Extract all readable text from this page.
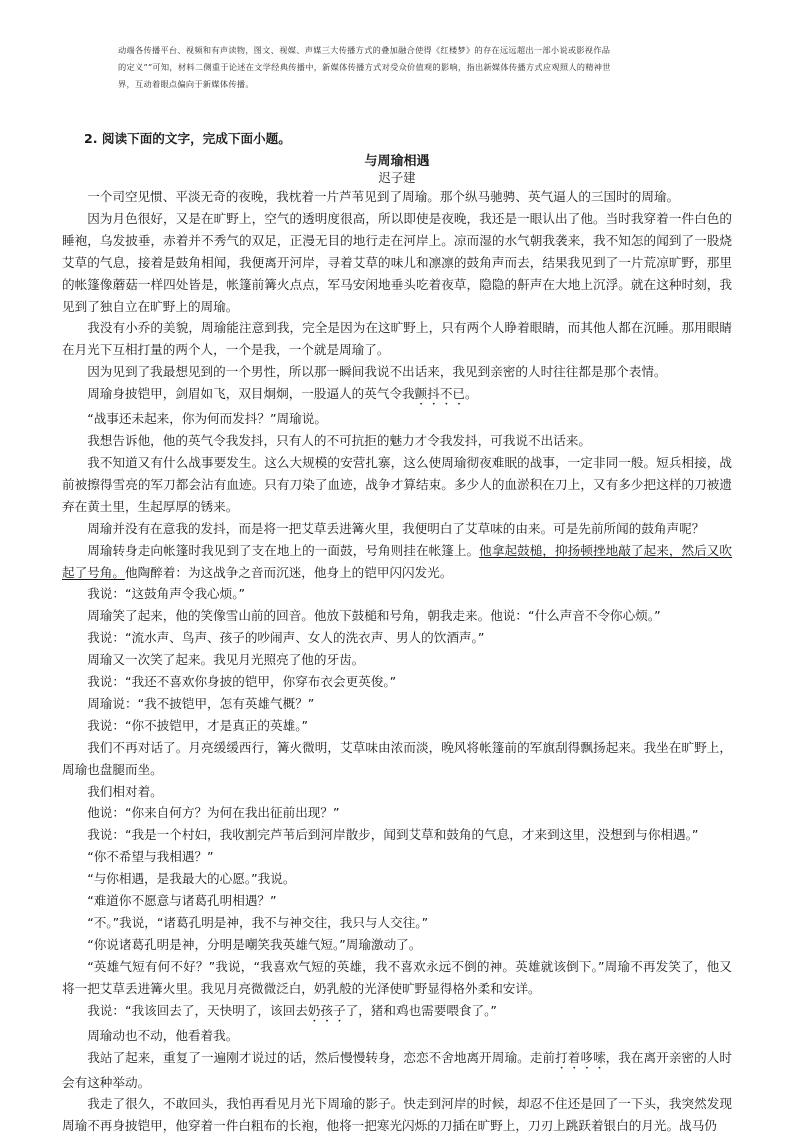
动端各传播平台、视频和有声读物，图文、视媒、声媒三大传播方式的叠加融合使得《红楼梦》的存在远远超出一部小说或影视作品

的定义””可知，材料二侧重于论述在文学经典传播中，新媒体传播方式对受众价值观的影响，指出新媒体传播方式应观照人的精神世

界，互动着眼点偏向于新媒体传播。

2. 阅读下面的文字，完成下面小题。
与周瑜相遇
迟子建

一个司空见惯、平淡无奇的夜晚，我枕着一片芦苇见到了周瑜。那个纵马驰骋、英气逼人的三国时的周瑜。

因为月色很好，又是在旷野上，空气的透明度很高，所以即使是夜晚，我还是一眼认出了他。当时我穿着一件白色的睡袍，乌发披垂，赤着并不秀气的双足，正漫无目的地行走在河岸上。凉而湿的水气朝我袭来，我不知怎的闻到了一股烧艾草的气息，接着是鼓角相闻，我便离开河岸，寻着艾草的味儿和凛凛的鼓角声而去，结果我见到了一片荒凉旷野，那里的帐篷像蘑菇一样四处皆是，帐篷前篝火点点，军马安闲地垂头吃着夜草，隐隐的鼾声在大地上沉浮。就在这种时刻，我见到了独自立在旷野上的周瑜。

我没有小乔的美貌，周瑜能注意到我，完全是因为在这旷野上，只有两个人睁着眼睛，而其他人都在沉睡。那用眼睛在月光下互相打量的两个人，一个是我，一个就是周瑜了。

因为见到了我最想见到的一个男性，所以那一瞬间我说不出话来，我见到亲密的人时往往都是那个表情。

周瑜身披铠甲，剑眉如飞，双目炯炯，一股逼人的英气令我颤抖不已。

“战事还未起来，你为何而发抖？”周瑜说。

我想告诉他，他的英气令我发抖，只有人的不可抗拒的魅力才令我发抖，可我说不出话来。

我不知道又有什么战事要发生。这么大规模的安营扎寨，这么使周瑜彻夜难眠的战事，一定非同一般。短兵相接，战前被擦得雪亮的军刀都会沾有血迹。只有刀染了血迹，战争才算结束。多少人的血淤积在刀上，又有多少把这样的刀被遗弃在黄土里，生起厚厚的锈来。

周瑜并没有在意我的发抖，而是将一把艾草丢进篝火里，我便明白了艾草味的由来。可是先前所闻的鼓角声呢？

周瑜转身走向帐篷时我见到了支在地上的一面鼓，号角则挂在帐篷上。他拿起鼓槌，抑扬顿挫地敲了起来，然后又吹起了号角。他陶醉着：为这战争之音而沉迷，他身上的铠甲闪闪发光。

我说：“这鼓角声令我心烦。”

周瑜笑了起来，他的笑像雪山前的回音。他放下鼓槌和号角，朝我走来。他说：“什么声音不令你心烦。”

我说：“流水声、鸟声、孩子的吵闹声、女人的洗衣声、男人的饮酒声。”

周瑜又一次笑了起来。我见月光照亮了他的牙齿。

我说：“我还不喜欢你身披的铠甲，你穿布衣会更英俊。”

周瑜说：“我不披铠甲，怎有英雄气概？”

我说：“你不披铠甲，才是真正的英雄。”

我们不再对话了。月亮缓缓西行，篝火微明，艾草味由浓而淡，晚风将帐篷前的军旗刮得飘扬起来。我坐在旷野上，周瑜也盘腿而坐。

我们相对着。

他说：“你来自何方？为何在我出征前出现？”

我说：“我是一个村妇，我收割完芦苇后到河岸散步，闻到艾草和鼓角的气息，才来到这里，没想到与你相遇。”

“你不希望与我相遇？”

“与你相遇，是我最大的心愿。”我说。

“难道你不愿意与诸葛孔明相遇？”

“不。”我说，“诸葛孔明是神，我不与神交往，我只与人交往。”

“你说诸葛孔明是神，分明是嘲笑我英雄气短。”周瑜激动了。

“英雄气短有何不好？”我说，“我喜欢气短的英雄，我不喜欢永远不倒的神。英雄就该倒下。”周瑜不再发笑了，他又将一把艾草丢进篝火里。我见月亮微微泛白，奶乳般的光泽使旷野显得格外柔和安详。

我说：“我该回去了，天快明了，该回去奶孩子了，猪和鸡也需要喂食了。”

周瑜动也不动，他看着我。

我站了起来，重复了一遍刚才说过的话，然后慢慢转身，恋恋不舍地离开周瑜。走前打着哆嗦，我在离开亲密的人时会有这种举动。

我走了很久，不敢回头，我怕再看见月光下周瑜的影子。快走到河岸的时候，却忍不住还是回了一下头，我突然发现周瑜不再身披铠甲，他穿着一件白粗布的长袍，他将一把寒光闪烁的刀插在旷野上，刀刃上跳跃着银白的月光。战马仍
